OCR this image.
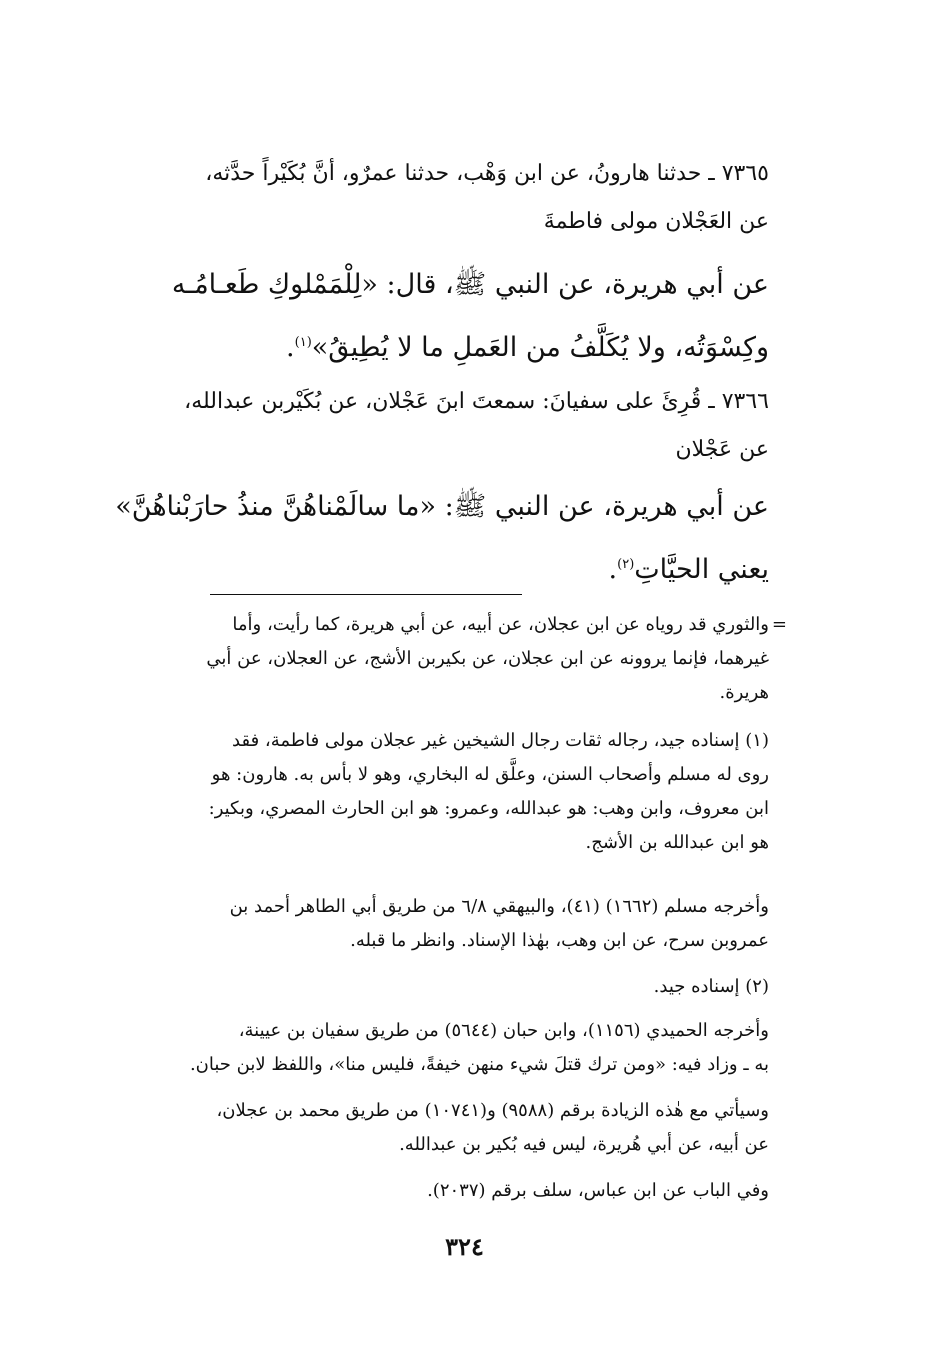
٧٣٦٥ ـ حدثنا هارونُ، عن ابن وَهْب، حدثنا عمرٌو، أنَّ بُكَيْراً حدَّثه،
عن العَجْلان مولى فاطمةَ

عن أبي هريرة، عن النبي ﷺ، قال: «لِلْمَمْلوكِ طَعـامُـه
وكِسْوَتُه، ولا يُكَلَّفُ من العَملِ ما لا يُطِيقُ»$^{(١)}$.

٧٣٦٦ ـ قُرِئَ على سفيانَ: سمعتَ ابنَ عَجْلان، عن بُكَيْربن عبدالله،
عن عَجْلان

عن أبي هريرة، عن النبي ﷺ: «ما سالَمْناهُنَّ منذُ حارَبْناهُنَّ»
يعني الحيَّاتِ$^{(٢)}$.

=
والثوري قد روياه عن ابن عجلان، عن أبيه، عن أبي هريرة، كما رأيت، وأما
غيرهما، فإنما يروونه عن ابن عجلان، عن بكيربن الأشج، عن العجلان، عن أبي
هريرة.

(١) إسناده جيد، رجاله ثقات رجال الشيخين غير عجلان مولى فاطمة، فقد
روى له مسلم وأصحاب السنن، وعلَّق له البخاري، وهو لا بأس به. هارون: هو
ابن معروف، وابن وهب: هو عبدالله، وعمرو: هو ابن الحارث المصري، وبكير:
هو ابن عبدالله بن الأشج.

وأخرجه مسلم (١٦٦٢) (٤١)، والبيهقي ٦/٨ من طريق أبي الطاهر أحمد بن
عمروبن سرح، عن ابن وهب، بهٰذا الإسناد. وانظر ما قبله.

(٢) إسناده جيد.

وأخرجه الحميدي (١١٥٦)، وابن حبان (٥٦٤٤) من طريق سفيان بن عيينة،
به ـ وزاد فيه: «ومن ترك قتلَ شيء منهن خيفةً، فليس منا»، واللفظ لابن حبان.

وسيأتي مع هٰذه الزيادة برقم (٩٥٨٨) و(١٠٧٤١) من طريق محمد بن عجلان،
عن أبيه، عن أبي هُريرة، ليس فيه بُكير بن عبدالله.

وفي الباب عن ابن عباس، سلف برقم (٢٠٣٧).

٣٢٤
